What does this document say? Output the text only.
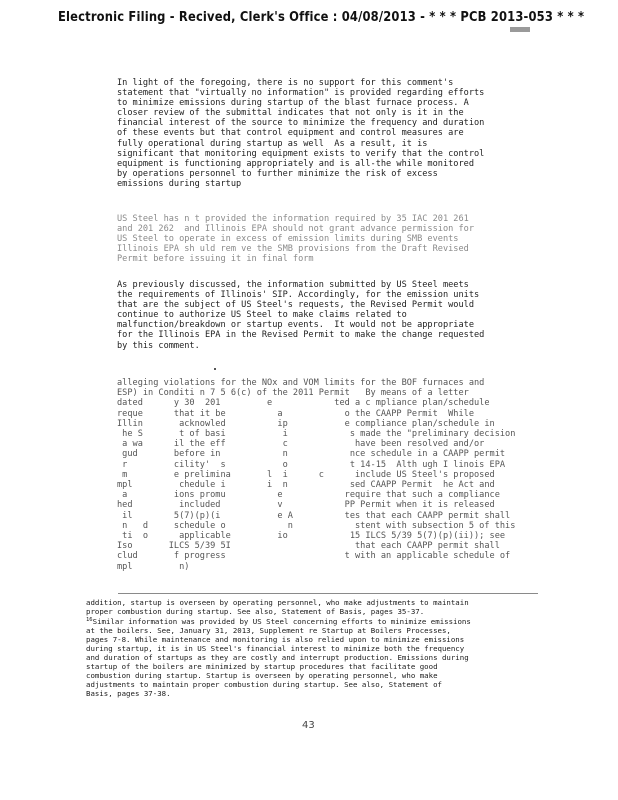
Electronic Filing - Recived, Clerk's Office : 04/08/2013 - * * * PCB 2013-053 * * *
In light of the foregoing, there is no support for this comment's
statement that "virtually no information" is provided regarding efforts
to minimize emissions during startup of the blast furnace process. A
closer review of the submittal indicates that not only is it in the
financial interest of the source to minimize the frequency and duration
of these events but that control equipment and control measures are
fully operational during startup as well  As a result, it is
significant that monitoring equipment exists to verify that the control
equipment is functioning appropriately and is all-the while monitored
by operations personnel to further minimize the risk of excess
emissions during startup
US Steel has n t provided the information required by 35 IAC 201 261
and 201 262  and Illinois EPA should not grant advance permission for
US Steel to operate in excess of emission limits during SMB events
Illinois EPA sh uld rem ve the SMB provisions from the Draft Revised
Permit before issuing it in final form
As previously discussed, the information submitted by US Steel meets
the requirements of Illinois' SIP. Accordingly, for the emission units
that are the subject of US Steel's requests, the Revised Permit would
continue to authorize US Steel to make claims related to
malfunction/breakdown or startup events.  It would not be appropriate
for the Illinois EPA in the Revised Permit to make the change requested
by this comment.
alleging violations for the NOx and VOM limits for the BOF furnaces and
ESP) in Conditi n 7 5 6(c) of the 2011 Permit   By means of a letter
dated      y 30  201         e            ted a c mpliance plan/schedule
reque      that it be          a            o the CAAPP Permit  While
Illin       acknowled          ip           e compliance plan/schedule in
he S       t of basi           i            s made the "preliminary decision
a wa      il the eff           c             have been resolved and/or
gud       before in            n            nce schedule in a CAAPP permit
r         cility'  s           o            t 14-15  Alth ugh I linois EPA
m         e prelimina       l  i      c      include US Steel's proposed
mpl         chedule i        i  n            sed CAAPP Permit  he Act and
a         ions promu          e            require that such a compliance
hed         included           v            PP Permit when it is released
il        5(7)(p)(i           e A          tes that each CAAPP permit shall
n   d     schedule o            n            stent with subsection 5 of this
ti  o      applicable         io            15 ILCS 5/39 5(7)(p)(ii)); see
Iso       ILCS 5/39 5I                        that each CAAPP permit shall
clud       f progress                       t with an applicable schedule of
mpl         n)
addition, startup is overseen by operating personnel, who make adjustments to maintain
proper combustion during startup. See also, Statement of Basis, pages 35-37.
$^{16}$Similar information was provided by US Steel concerning efforts to minimize emissions
at the boilers. See, January 31, 2013, Supplement re Startup at Boilers Processes,
pages 7-8. While maintenance and monitoring is also relied upon to minimize emissions
during startup, it is in US Steel's financial interest to minimize both the frequency
and duration of startups as they are costly and interrupt production. Emissions during
startup of the boilers are minimized by startup procedures that facilitate good
combustion during startup. Startup is overseen by operating personnel, who make
adjustments to maintain proper combustion during startup. See also, Statement of
Basis, pages 37-38.
43
